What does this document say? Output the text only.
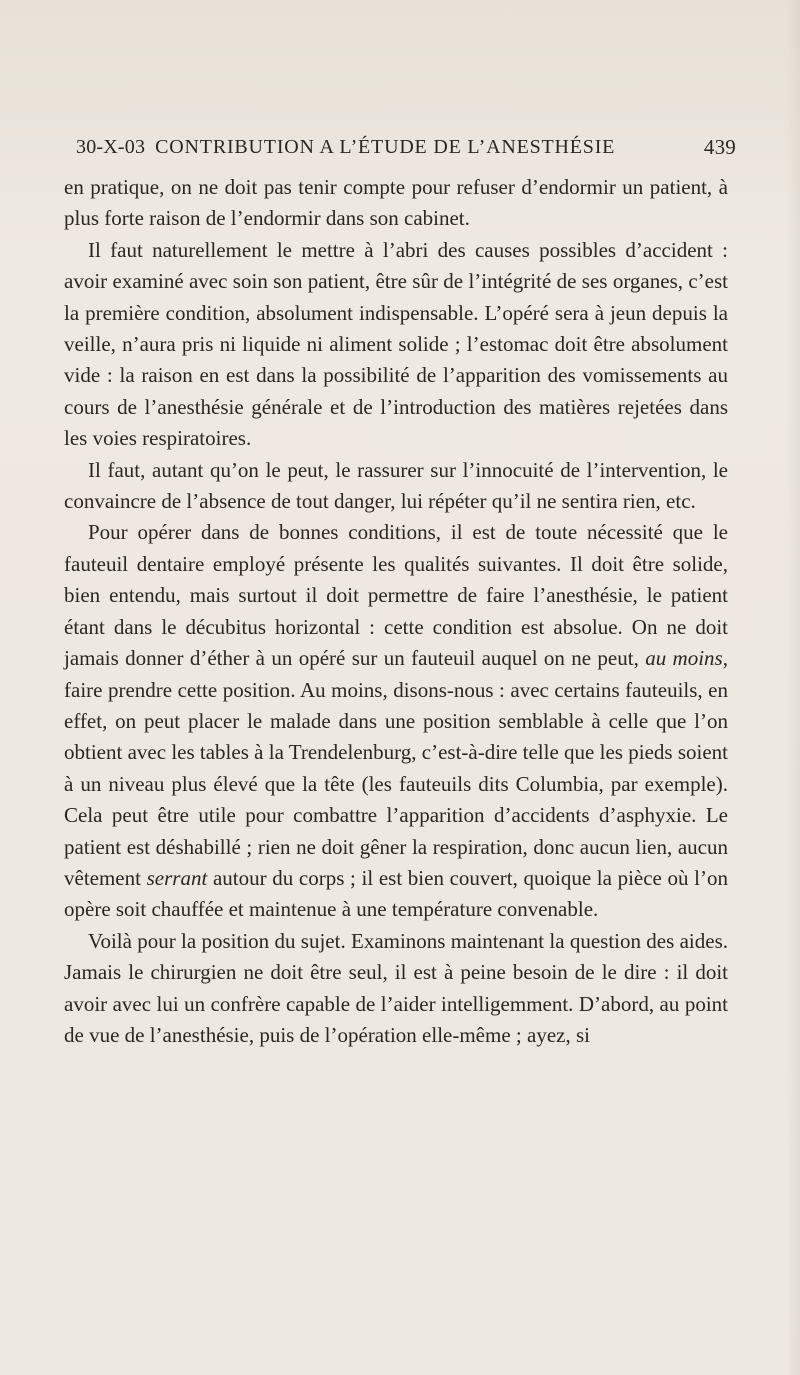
30-X-03 CONTRIBUTION A L’ÉTUDE DE L’ANESTHÉSIE	439

en pratique, on ne doit pas tenir compte pour refuser d’endormir un patient, à plus forte raison de l’endormir dans son cabinet.

Il faut naturellement le mettre à l’abri des causes possibles d’accident : avoir examiné avec soin son patient, être sûr de l’intégrité de ses organes, c’est la première condition, absolument indispensable. L’opéré sera à jeun depuis la veille, n’aura pris ni liquide ni aliment solide ; l’estomac doit être absolument vide : la raison en est dans la possibilité de l’apparition des vomissements au cours de l’anesthésie générale et de l’introduction des matières rejetées dans les voies respiratoires.

Il faut, autant qu’on le peut, le rassurer sur l’innocuité de l’intervention, le convaincre de l’absence de tout danger, lui répéter qu’il ne sentira rien, etc.

Pour opérer dans de bonnes conditions, il est de toute nécessité que le fauteuil dentaire employé présente les qualités suivantes. Il doit être solide, bien entendu, mais surtout il doit permettre de faire l’anesthésie, le patient étant dans le décubitus horizontal : cette condition est absolue. On ne doit jamais donner d’éther à un opéré sur un fauteuil auquel on ne peut, au moins, faire prendre cette position. Au moins, disons-nous : avec certains fauteuils, en effet, on peut placer le malade dans une position semblable à celle que l’on obtient avec les tables à la Trendelenburg, c’est-à-dire telle que les pieds soient à un niveau plus élevé que la tête (les fauteuils dits Columbia, par exemple). Cela peut être utile pour combattre l’apparition d’accidents d’asphyxie. Le patient est déshabillé ; rien ne doit gêner la respiration, donc aucun lien, aucun vêtement serrant autour du corps ; il est bien couvert, quoique la pièce où l’on opère soit chauffée et maintenue à une température convenable.

Voilà pour la position du sujet. Examinons maintenant la question des aides. Jamais le chirurgien ne doit être seul, il est à peine besoin de le dire : il doit avoir avec lui un confrère capable de l’aider intelligemment. D’abord, au point de vue de l’anesthésie, puis de l’opération elle-même ; ayez, si
